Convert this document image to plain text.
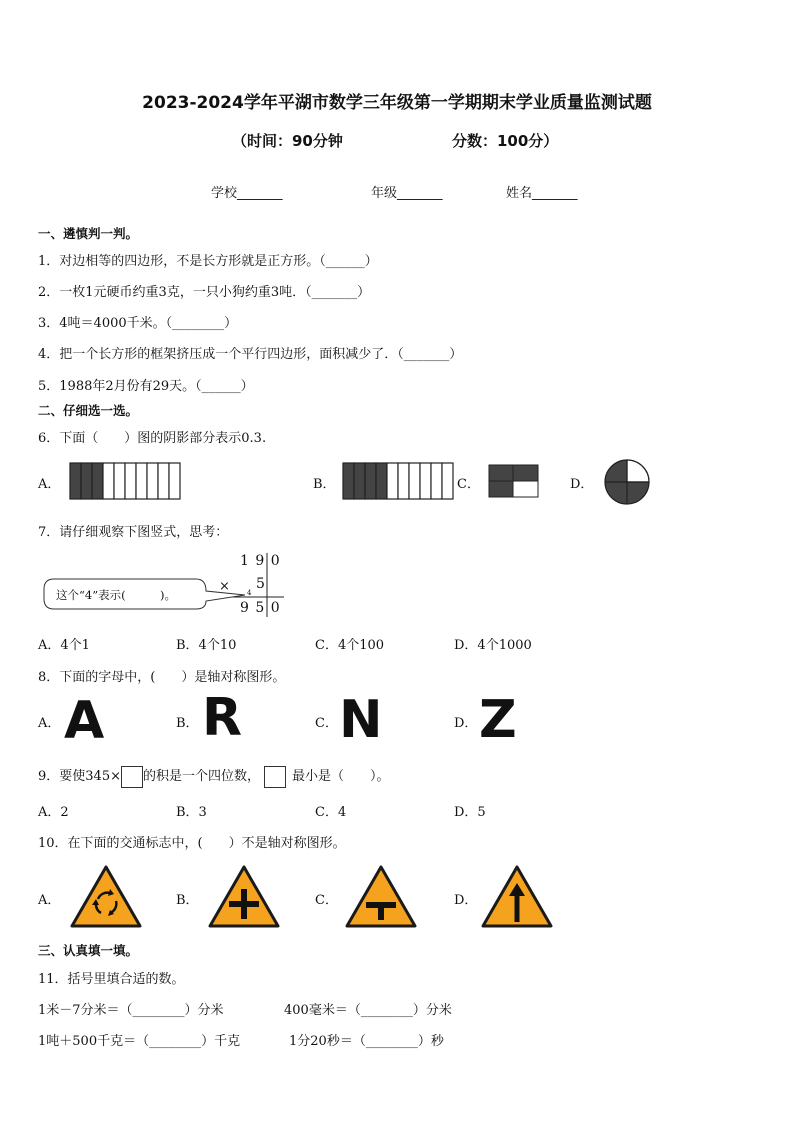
2023-2024学年平湖市数学三年级第一学期期末学业质量监测试题
（时间：90分钟	分数：100分）
学校_______	年级_______	姓名_______
一、遴慎判一判。
1．对边相等的四边形，不是长方形就是正方形。（______）
2．一枚1元硬币约重3克，一只小狗约重3吨．（_______）
3．4吨＝4000千米。（________）
4．把一个长方形的框架挤压成一个平行四边形，面积减少了．（_______）
5．1988年2月份有29天。（______）
二、仔细选一选。
6．下面（　　）图的阴影部分表示0.3.
A．	B．	C．	D．
7．请仔细观察下图竖式，思考：
1 9 0
× 5
4
9 5 0
这个“4”表示(　　　)。
A．4个1	B．4个10	C．4个100	D．4个1000
8．下面的字母中，(　　）是轴对称图形。
A． A	B． R	C． N	D． Z
9．要使345× 的积是一个四位数， 最小是（　　）。
A．2	B．3	C．4	D．5
10．在下面的交通标志中，(　　）不是轴对称图形。
A．	B．	C．	D．
三、认真填一填。
11．括号里填合适的数。
1米－7分米＝（________）分米	400毫米＝（________）分米
1吨＋500千克＝（________）千克	1分20秒＝（________）秒
